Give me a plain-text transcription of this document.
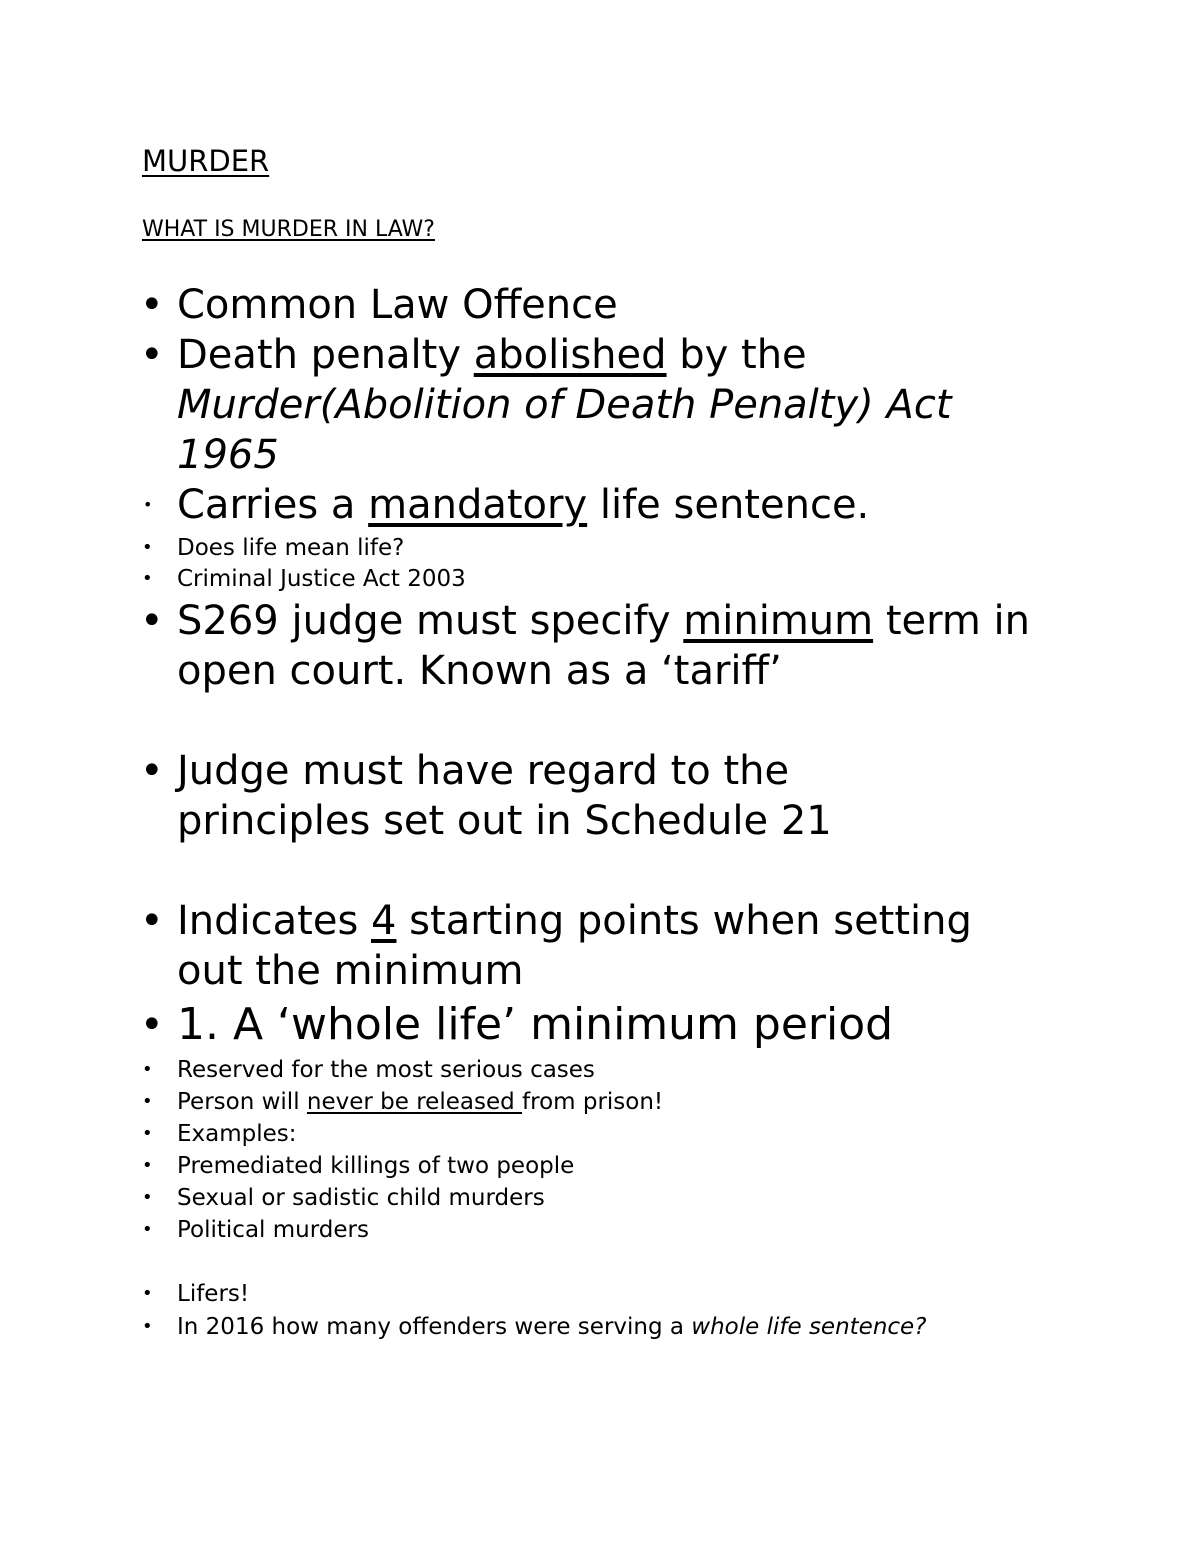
MURDER
WHAT IS MURDER IN LAW?
• Common Law Offence
• Death penalty abolished by the
Murder(Abolition of Death Penalty) Act 1965
• Carries a mandatory life sentence.
• Does life mean life?
• Criminal Justice Act 2003
• S269 judge must specify minimum term in open court. Known as a ‘tariff’
• Judge must have regard to the principles set out in Schedule 21
• Indicates 4 starting points when setting out the minimum
• 1. A ‘whole life’ minimum period
• Reserved for the most serious cases
• Person will never be released from prison!
• Examples:
• Premediated killings of two people
• Sexual or sadistic child murders
• Political murders
• Lifers!
• In 2016 how many offenders were serving a whole life sentence?
